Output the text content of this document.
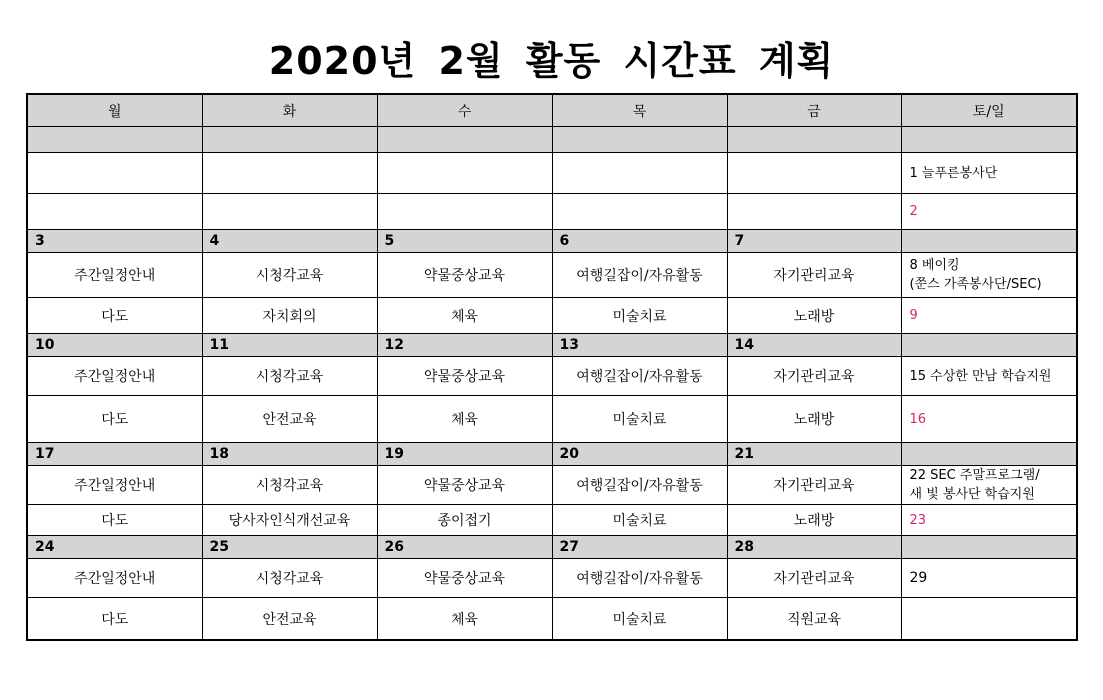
2020년 2월 활동 시간표 계획
월	화	수	목	금	토/일

					1 늘푸른봉사단
					2
3	4	5	6	7	
주간일정안내	시청각교육	약물중상교육	여행길잡이/자유활동	자기관리교육	8 베이킹
(쭌스 가족봉사단/SEC)
다도	자치회의	체육	미술치료	노래방	9
10	11	12	13	14	
주간일정안내	시청각교육	약물중상교육	여행길잡이/자유활동	자기관리교육	15 수상한 만남 학습지원
다도	안전교육	체육	미술치료	노래방	16
17	18	19	20	21	
주간일정안내	시청각교육	약물중상교육	여행길잡이/자유활동	자기관리교육	22 SEC 주말프로그램/
새 빛 봉사단 학습지원
다도	당사자인식개선교육	종이접기	미술치료	노래방	23
24	25	26	27	28	
주간일정안내	시청각교육	약물중상교육	여행길잡이/자유활동	자기관리교육	29
다도	안전교육	체육	미술치료	직원교육	
